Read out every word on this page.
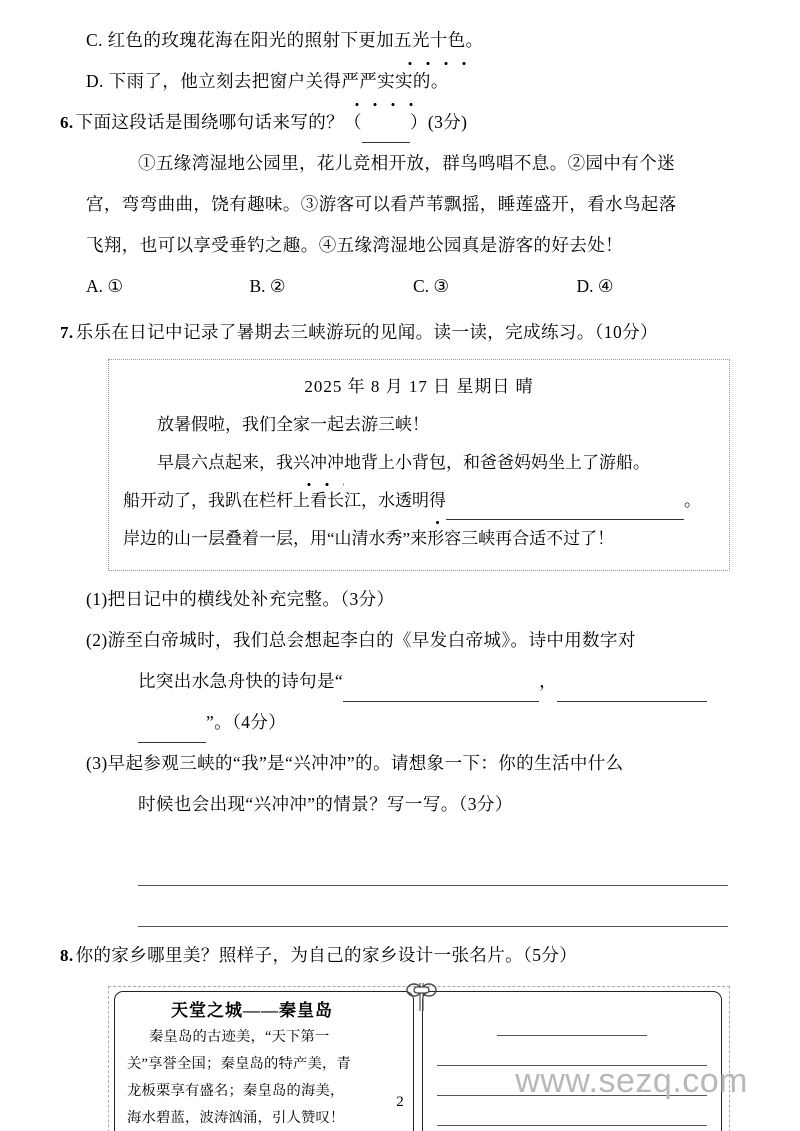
C. 红色的玫瑰花海在阳光的照射下更加五光十色。
D. 下雨了，他立刻去把窗户关得严严实实的。
6. 下面这段话是围绕哪句话来写的？（	）(3分)
①五缘湾湿地公园里，花儿竞相开放，群鸟鸣唱不息。②园中有个迷
宫，弯弯曲曲，饶有趣味。③游客可以看芦苇飘摇，睡莲盛开，看水鸟起落
飞翔，也可以享受垂钓之趣。④五缘湾湿地公园真是游客的好去处！
A. ①	B. ②	C. ③	D. ④
7. 乐乐在日记中记录了暑期去三峡游玩的见闻。读一读，完成练习。（10分）
2025 年 8 月 17 日 星期日 晴
放暑假啦，我们全家一起去游三峡！
早晨六点起来，我兴冲冲地背上小背包，和爸爸妈妈坐上了游船。
船开动了，我趴在栏杆上看长江，水透明得	。
岸边的山一层叠着一层，用“山清水秀”来形容三峡再合适不过了！
(1)把日记中的横线处补充完整。（3分）
(2)游至白帝城时，我们总会想起李白的《早发白帝城》。诗中用数字对
比突出水急舟快的诗句是“	，
”。（4分）
(3)早起参观三峡的“我”是“兴冲冲”的。请想象一下：你的生活中什么
时候也会出现“兴冲冲”的情景？写一写。（3分）
8. 你的家乡哪里美？照样子，为自己的家乡设计一张名片。（5分）
天堂之城——秦皇岛
秦皇岛的古迹美，“天下第一
关”享誉全国；秦皇岛的特产美，青
龙板栗享有盛名；秦皇岛的海美，
海水碧蓝，波涛汹涌，引人赞叹！
www.sezq.com
2
